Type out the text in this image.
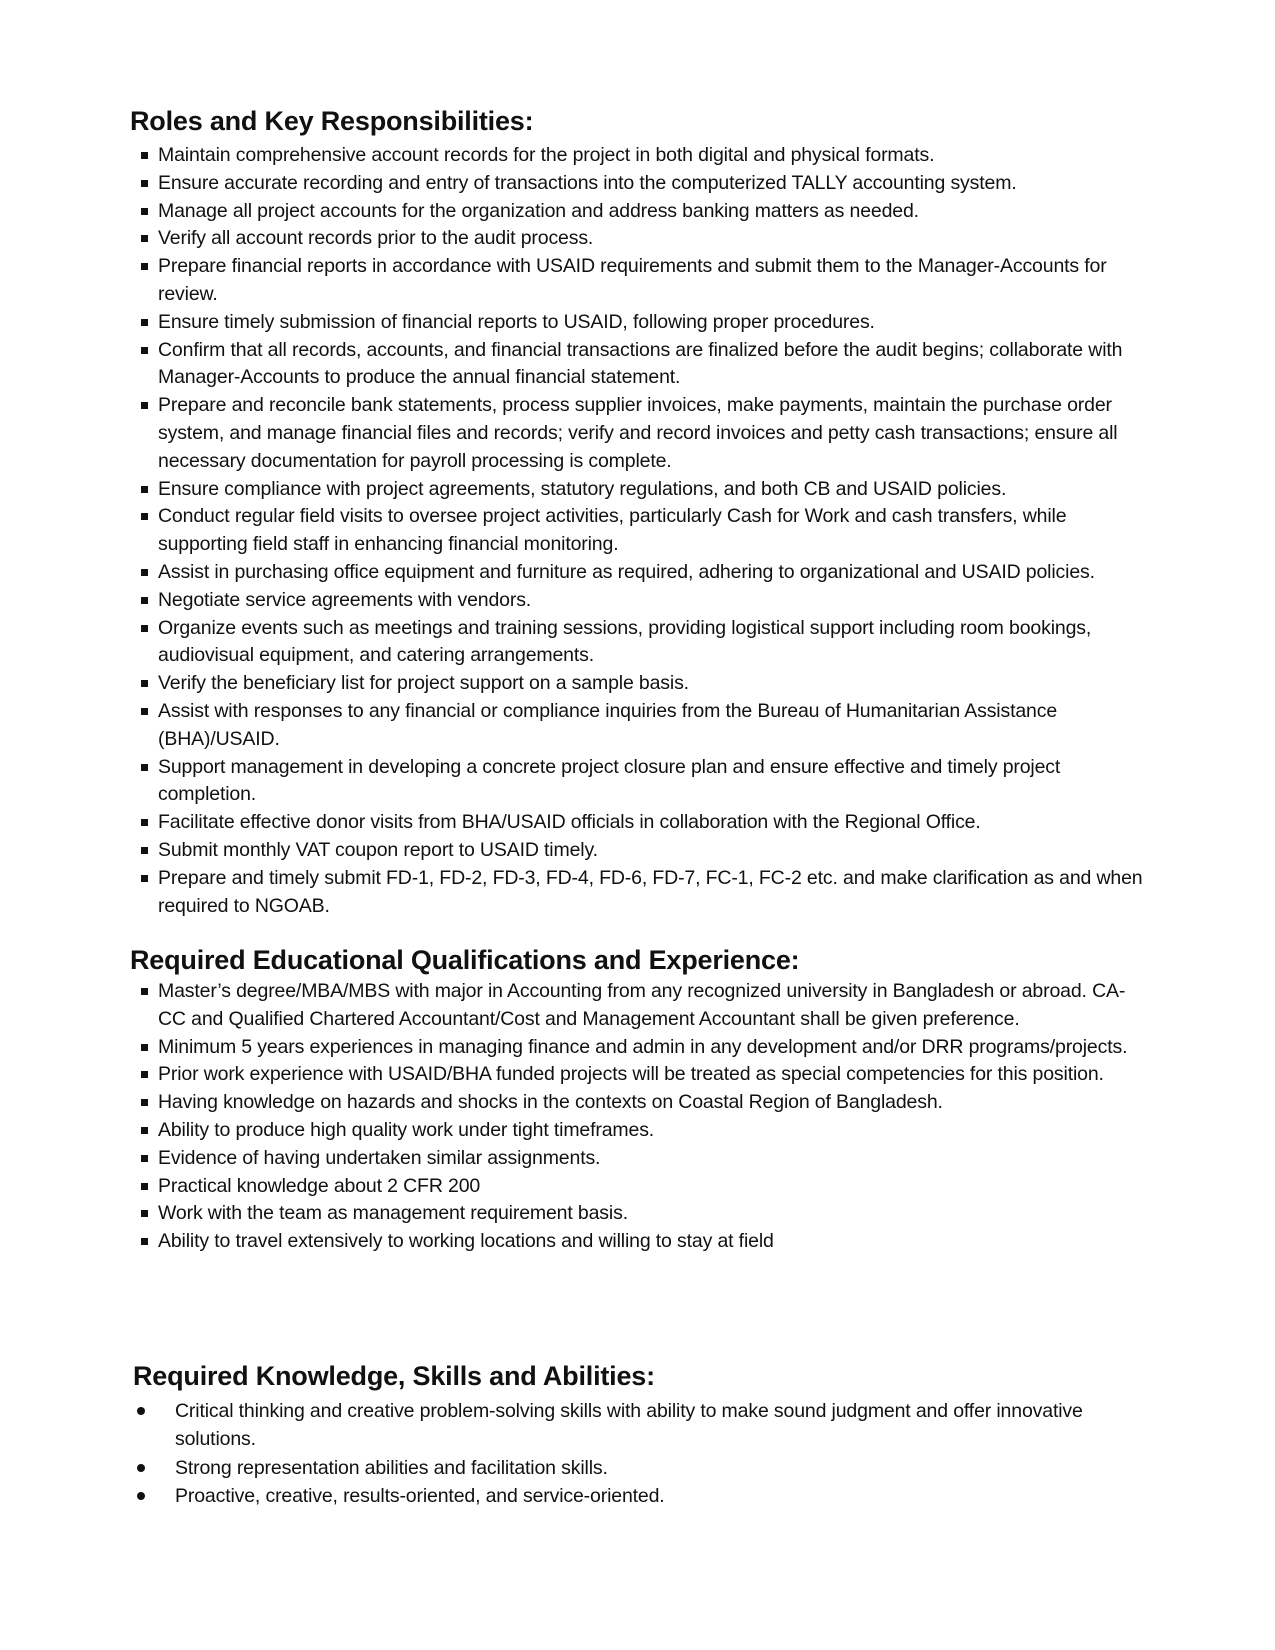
Roles and Key Responsibilities:
Maintain comprehensive account records for the project in both digital and physical formats.
Ensure accurate recording and entry of transactions into the computerized TALLY accounting system.
Manage all project accounts for the organization and address banking matters as needed.
Verify all account records prior to the audit process.
Prepare financial reports in accordance with USAID requirements and submit them to the Manager-Accounts for review.
Ensure timely submission of financial reports to USAID, following proper procedures.
Confirm that all records, accounts, and financial transactions are finalized before the audit begins; collaborate with Manager-Accounts to produce the annual financial statement.
Prepare and reconcile bank statements, process supplier invoices, make payments, maintain the purchase order system, and manage financial files and records; verify and record invoices and petty cash transactions; ensure all necessary documentation for payroll processing is complete.
Ensure compliance with project agreements, statutory regulations, and both CB and USAID policies.
Conduct regular field visits to oversee project activities, particularly Cash for Work and cash transfers, while supporting field staff in enhancing financial monitoring.
Assist in purchasing office equipment and furniture as required, adhering to organizational and USAID policies.
Negotiate service agreements with vendors.
Organize events such as meetings and training sessions, providing logistical support including room bookings, audiovisual equipment, and catering arrangements.
Verify the beneficiary list for project support on a sample basis.
Assist with responses to any financial or compliance inquiries from the Bureau of Humanitarian Assistance (BHA)/USAID.
Support management in developing a concrete project closure plan and ensure effective and timely project completion.
Facilitate effective donor visits from BHA/USAID officials in collaboration with the Regional Office.
Submit monthly VAT coupon report to USAID timely.
Prepare and timely submit FD-1, FD-2, FD-3, FD-4, FD-6, FD-7, FC-1, FC-2 etc. and make clarification as and when required to NGOAB.
Required Educational Qualifications and Experience:
Master’s degree/MBA/MBS with major in Accounting from any recognized university in Bangladesh or abroad. CA-CC and Qualified Chartered Accountant/Cost and Management Accountant shall be given preference.
Minimum 5 years experiences in managing finance and admin in any development and/or DRR programs/projects.
Prior work experience with USAID/BHA funded projects will be treated as special competencies for this position.
Having knowledge on hazards and shocks in the contexts on Coastal Region of Bangladesh.
Ability to produce high quality work under tight timeframes.
Evidence of having undertaken similar assignments.
Practical knowledge about 2 CFR 200
Work with the team as management requirement basis.
Ability to travel extensively to working locations and willing to stay at field
Required Knowledge, Skills and Abilities:
Critical thinking and creative problem-solving skills with ability to make sound judgment and offer innovative solutions.
Strong representation abilities and facilitation skills.
Proactive, creative, results-oriented, and service-oriented.
